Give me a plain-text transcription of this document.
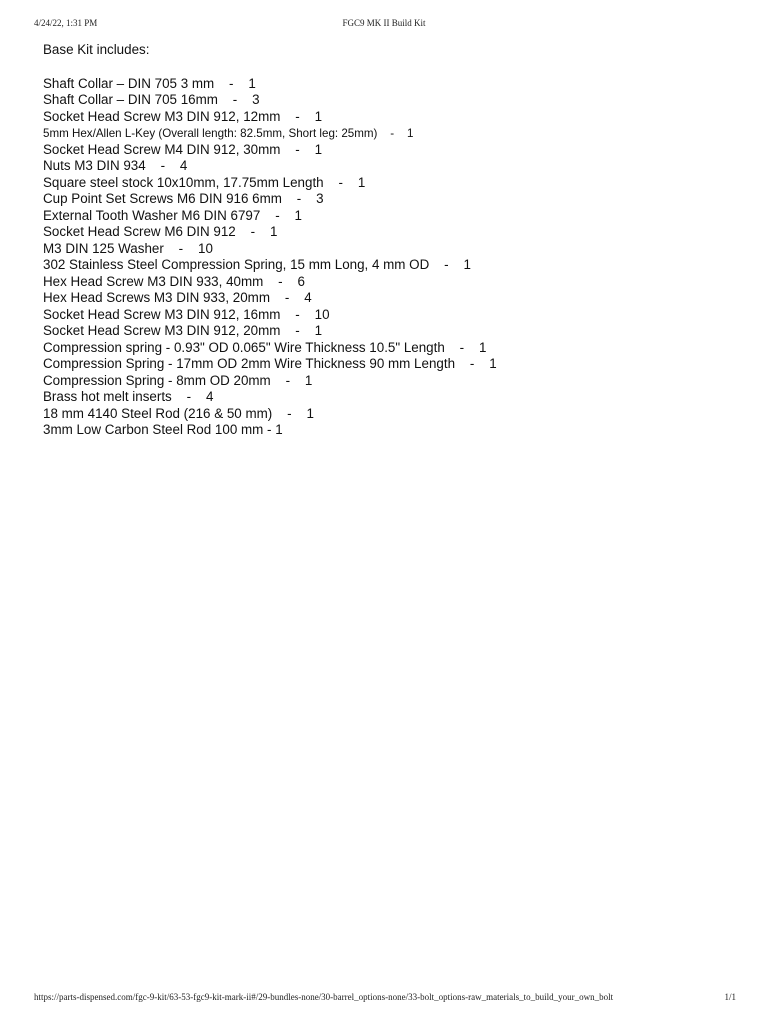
4/24/22, 1:31 PM	FGC9 MK II Build Kit
Base Kit includes:
Shaft Collar – DIN 705 3 mm    -    1
Shaft Collar – DIN 705 16mm    -    3
Socket Head Screw M3 DIN 912, 12mm    -    1
5mm Hex/Allen L-Key (Overall length: 82.5mm, Short leg: 25mm)    -    1
Socket Head Screw M4 DIN 912, 30mm    -    1
Nuts M3 DIN 934    -    4
Square steel stock 10x10mm, 17.75mm Length    -    1
Cup Point Set Screws M6 DIN 916 6mm    -    3
External Tooth Washer M6 DIN 6797    -    1
Socket Head Screw M6 DIN 912    -    1
M3 DIN 125 Washer    -    10
302 Stainless Steel Compression Spring, 15 mm Long, 4 mm OD    -    1
Hex Head Screw M3 DIN 933, 40mm    -    6
Hex Head Screws M3 DIN 933, 20mm    -    4
Socket Head Screw M3 DIN 912, 16mm    -    10
Socket Head Screw M3 DIN 912, 20mm    -    1
Compression spring - 0.93" OD 0.065" Wire Thickness 10.5" Length    -    1
Compression Spring - 17mm OD 2mm Wire Thickness 90 mm Length    -    1
Compression Spring - 8mm OD 20mm    -    1
Brass hot melt inserts    -    4
18 mm 4140 Steel Rod (216 & 50 mm)    -    1
3mm Low Carbon Steel Rod 100 mm - 1
https://parts-dispensed.com/fgc-9-kit/63-53-fgc9-kit-mark-ii#/29-bundles-none/30-barrel_options-none/33-bolt_options-raw_materials_to_build_your_own_bolt	1/1
